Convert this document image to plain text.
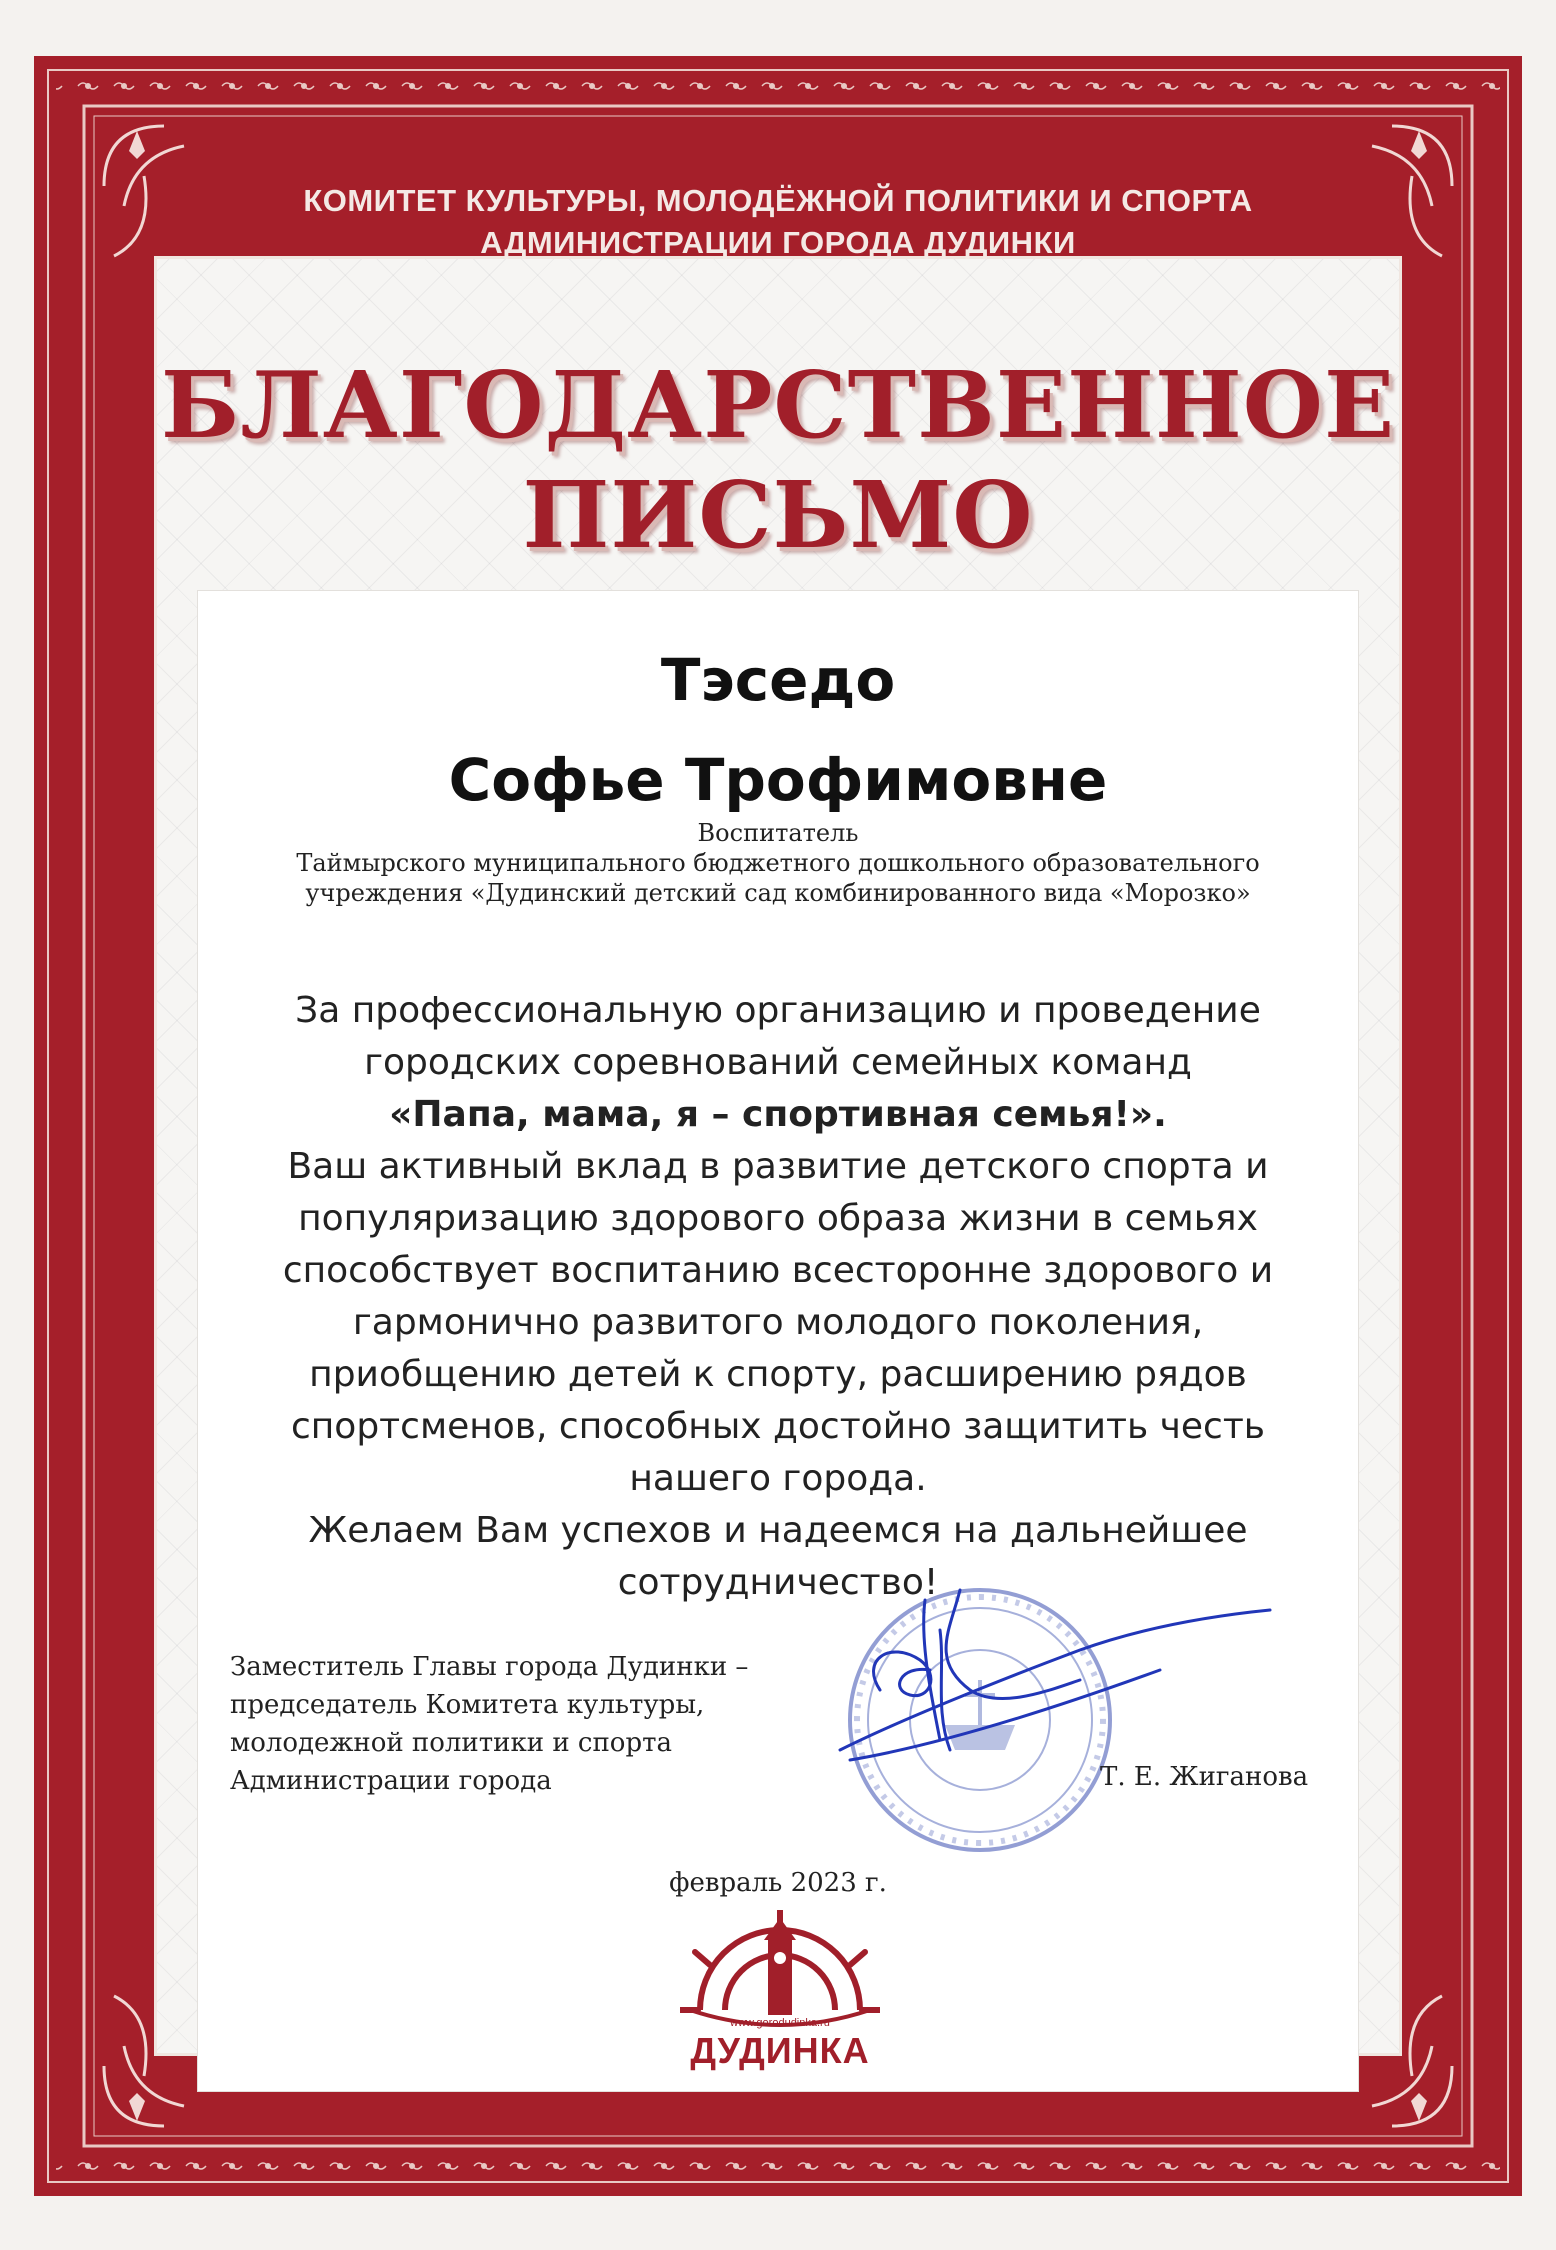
КОМИТЕТ КУЛЬТУРЫ, МОЛОДЁЖНОЙ ПОЛИТИКИ И СПОРТА
АДМИНИСТРАЦИИ ГОРОДА ДУДИНКИ
БЛАГОДАРСТВЕННОЕ
ПИСЬМО
Тэседо
Софье Трофимовне
Воспитатель
Таймырского муниципального бюджетного дошкольного образовательного
учреждения «Дудинский детский сад комбинированного вида «Морозко»
За профессиональную организацию и проведение
городских соревнований семейных команд
«Папа, мама, я – спортивная семья!».
Ваш активный вклад в развитие детского спорта и
популяризацию здорового образа жизни в семьях
способствует воспитанию всесторонне здорового и
гармонично развитого молодого поколения,
приобщению детей к спорту, расширению рядов
спортсменов, способных достойно защитить честь
нашего города.
Желаем Вам успехов и надеемся на дальнейшее
сотрудничество!
Заместитель Главы города Дудинки –
председатель Комитета культуры,
молодежной политики и спорта
Администрации города	Т. Е. Жиганова
февраль 2023 г.
www.gorodudinka.ru
ДУДИНКА
